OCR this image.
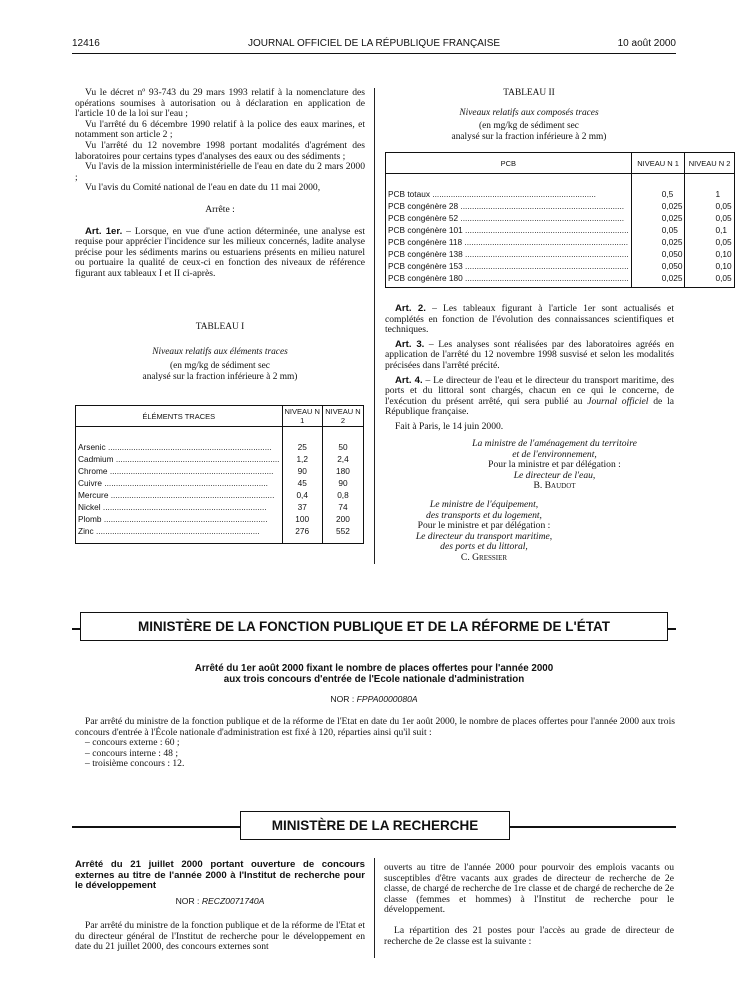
12416	JOURNAL OFFICIEL DE LA RÉPUBLIQUE FRANÇAISE	10 août 2000

Vu le décret nº 93-743 du 29 mars 1993 relatif à la nomenclature des opérations soumises à autorisation ou à déclaration en application de l'article 10 de la loi sur l'eau ;

Vu l'arrêté du 6 décembre 1990 relatif à la police des eaux marines, et notamment son article 2 ;

Vu l'arrêté du 12 novembre 1998 portant modalités d'agrément des laboratoires pour certains types d'analyses des eaux ou des sédiments ;

Vu l'avis de la mission interministérielle de l'eau en date du 2 mars 2000 ;

Vu l'avis du Comité national de l'eau en date du 11 mai 2000,

Arrête :

Art. 1er. – Lorsque, en vue d'une action déterminée, une analyse est requise pour apprécier l'incidence sur les milieux concernés, ladite analyse précise pour les sédiments marins ou estuariens présents en milieu naturel ou portuaire la qualité de ceux-ci en fonction des niveaux de référence figurant aux tableaux I et II ci-après.

TABLEAU I

Niveaux relatifs aux éléments traces

(en mg/kg de sédiment sec

analysé sur la fraction inférieure à 2 mm)

ÉLÉMENTS TRACES	NIVEAU N 1	NIVEAU N 2

Arsenic .....	25	50

Cadmium .....	1,2	2,4

Chrome .....	90	180

Cuivre .....	45	90

Mercure .....	0,4	0,8

Nickel .....	37	74

Plomb .....	100	200

Zinc .....	276	552

TABLEAU II

Niveaux relatifs aux composés traces

(en mg/kg de sédiment sec

analysé sur la fraction inférieure à 2 mm)

PCB	NIVEAU N 1	NIVEAU N 2

PCB totaux .....	0,5	1

PCB congénère 28 .....	0,025	0,05

PCB congénère 52 .....	0,025	0,05

PCB congénère 101 .....	0,05	0,1

PCB congénère 118 .....	0,025	0,05

PCB congénère 138 .....	0,050	0,10

PCB congénère 153 .....	0,050	0,10

PCB congénère 180 .....	0,025	0,05

Art. 2. – Les tableaux figurant à l'article 1er sont actualisés et complétés en fonction de l'évolution des connaissances scientifiques et techniques.

Art. 3. – Les analyses sont réalisées par des laboratoires agréés en application de l'arrêté du 12 novembre 1998 susvisé et selon les modalités précisées dans l'arrêté précité.

Art. 4. – Le directeur de l'eau et le directeur du transport maritime, des ports et du littoral sont chargés, chacun en ce qui le concerne, de l'exécution du présent arrêté, qui sera publié au Journal officiel de la République française.

Fait à Paris, le 14 juin 2000.

La ministre de l'aménagement du territoire
et de l'environnement,
Pour la ministre et par délégation :
Le directeur de l'eau,
B. Baudot
Le ministre de l'équipement,
des transports et du logement,
Pour le ministre et par délégation :
Le directeur du transport maritime,
des ports et du littoral,
C. Gressier
MINISTÈRE DE LA FONCTION PUBLIQUE ET DE LA RÉFORME DE L'ÉTAT
Arrêté du 1er août 2000 fixant le nombre de places offertes pour l'année 2000
aux trois concours d'entrée de l'Ecole nationale d'administration
NOR : FPPA0000080A

Par arrêté du ministre de la fonction publique et de la réforme de l'Etat en date du 1er août 2000, le nombre de places offertes pour l'année 2000 aux trois concours d'entrée à l'École nationale d'administration est fixé à 120, réparties ainsi qu'il suit :

– concours externe : 60 ;

– concours interne : 48 ;

– troisième concours : 12.

MINISTÈRE DE LA RECHERCHE
Arrêté du 21 juillet 2000 portant ouverture de concours externes au titre de l'année 2000 à l'Institut de recherche pour le développement
NOR : RECZ0071740A

Par arrêté du ministre de la fonction publique et de la réforme de l'Etat et du directeur général de l'Institut de recherche pour le développement en date du 21 juillet 2000, des concours externes sont

ouverts au titre de l'année 2000 pour pourvoir des emplois vacants ou susceptibles d'être vacants aux grades de directeur de recherche de 2e classe, de chargé de recherche de 1re classe et de chargé de recherche de 2e classe (femmes et hommes) à l'Institut de recherche pour le développement.

La répartition des 21 postes pour l'accès au grade de directeur de recherche de 2e classe est la suivante :
